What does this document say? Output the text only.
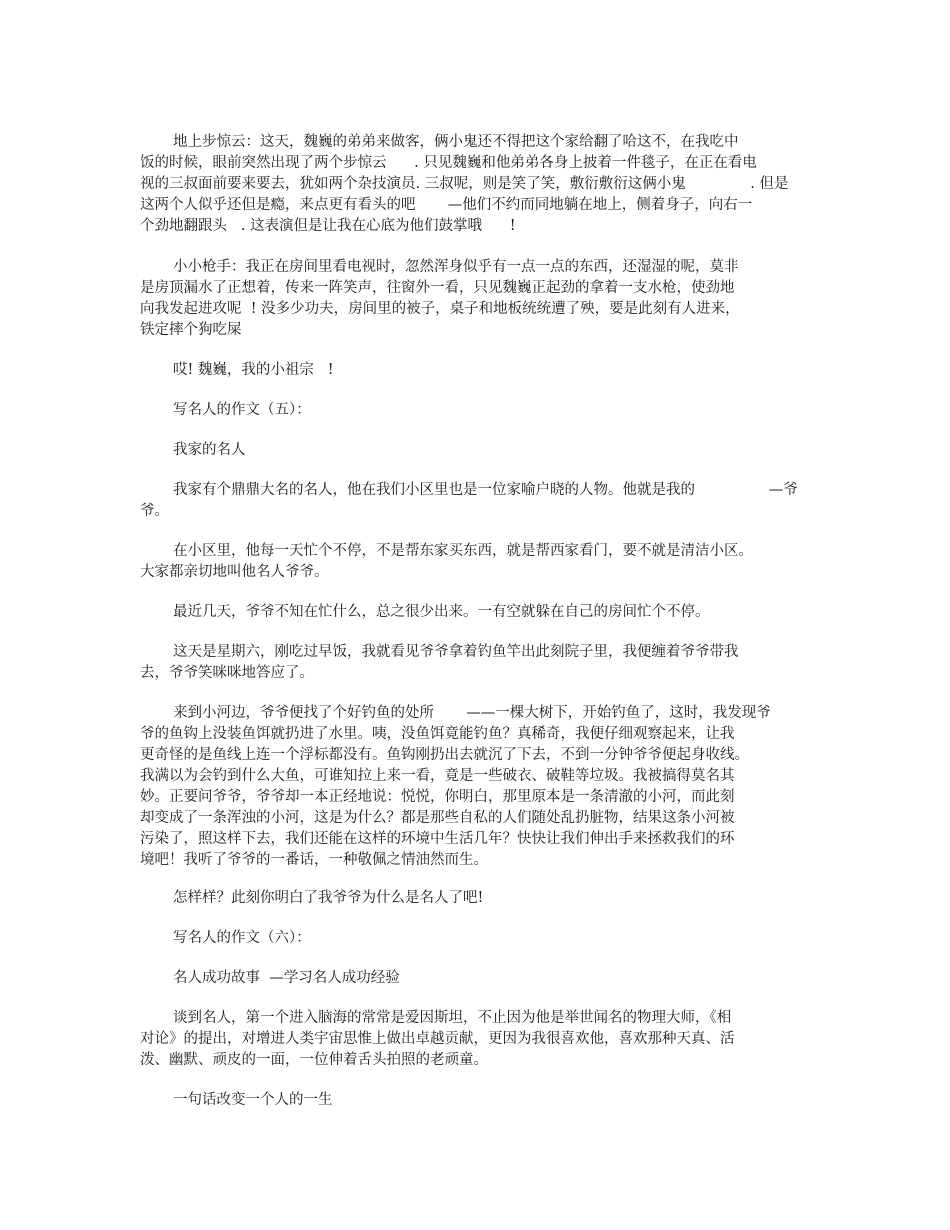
地上步惊云：这天，魏巍的弟弟来做客，俩小鬼还不得把这个家给翻了哈这不，在我吃中
饭的时候，眼前突然出现了两个步惊云      . 只见魏巍和他弟弟各身上披着一件毯子，在正在看电
视的三叔面前要来要去，犹如两个杂技演员. 三叔呢，则是笑了笑，敷衍敷衍这俩小鬼              . 但是
这两个人似乎还但是瘾，来点更有看头的吧       —他们不约而同地躺在地上，侧着身子，向右一
个劲地翻跟头   . 这表演但是让我在心底为他们鼓掌哦      !
小小枪手：我正在房间里看电视时，忽然浑身似乎有一点一点的东西，还湿湿的呢，莫非
是房顶漏水了正想着，传来一阵笑声，往窗外一看，只见魏巍正起劲的拿着一支水枪，使劲地
向我发起进攻呢  ! 没多少功夫，房间里的被子，桌子和地板统统遭了殃，要是此刻有人进来，
铁定摔个狗吃屎
哎! 魏巍，我的小祖宗   !
写名人的作文（五）：
我家的名人
我家有个鼎鼎大名的名人，他在我们小区里也是一位家喻户晓的人物。他就是我的                —爷
爷。
在小区里，他每一天忙个不停，不是帮东家买东西，就是帮西家看门，要不就是清洁小区。
大家都亲切地叫他名人爷爷。
最近几天，爷爷不知在忙什么，总之很少出来。一有空就躲在自己的房间忙个不停。
这天是星期六，刚吃过早饭，我就看见爷爷拿着钓鱼竿出此刻院子里，我便缠着爷爷带我
去，爷爷笑咪咪地答应了。
来到小河边，爷爷便找了个好钓鱼的处所       ——一棵大树下，开始钓鱼了，这时，我发现爷
爷的鱼钩上没装鱼饵就扔进了水里。咦，没鱼饵竟能钓鱼？真稀奇，我便仔细观察起来，让我
更奇怪的是鱼线上连一个浮标都没有。鱼钩刚扔出去就沉了下去，不到一分钟爷爷便起身收线。
我满以为会钓到什么大鱼，可谁知拉上来一看，竟是一些破衣、破鞋等垃圾。我被搞得莫名其
妙。正要问爷爷，爷爷却一本正经地说：悦悦，你明白，那里原本是一条清澈的小河，而此刻
却变成了一条浑浊的小河，这是为什么？都是那些自私的人们随处乱扔脏物，结果这条小河被
污染了，照这样下去，我们还能在这样的环境中生活几年？快快让我们伸出手来拯救我们的环
境吧！我听了爷爷的一番话，一种敬佩之情油然而生。
怎样样？此刻你明白了我爷爷为什么是名人了吧!
写名人的作文（六）：
名人成功故事  —学习名人成功经验
谈到名人，第一个进入脑海的常常是爱因斯坦，不止因为他是举世闻名的物理大师，《相
对论》的提出，对增进人类宇宙思惟上做出卓越贡献，更因为我很喜欢他，喜欢那种天真、活
泼、幽默、顽皮的一面，一位伸着舌头拍照的老顽童。
一句话改变一个人的一生
